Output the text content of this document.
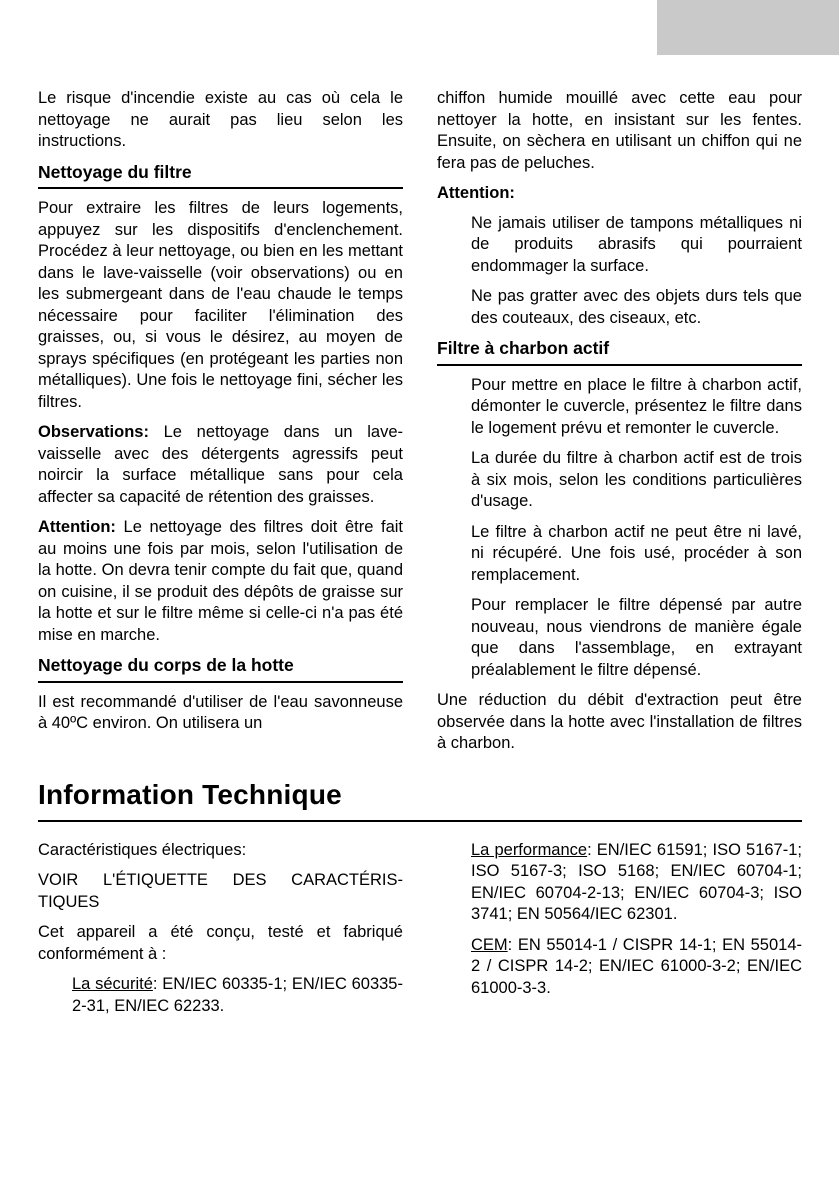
Le risque d'incendie existe au cas où cela le nettoyage ne aurait pas lieu selon les instructions.

Nettoyage du filtre

Pour extraire les filtres de leurs logements, appuyez sur les dispositifs d'enclenchement. Procédez à leur nettoyage, ou bien en les mettant dans le lave-vaisselle (voir observations) ou en les submergeant dans de l'eau chaude le temps nécessaire pour faciliter l'élimination des graisses, ou, si vous le désirez, au moyen de sprays spécifiques (en protégeant les parties non métalliques). Une fois le nettoyage fini, sécher les filtres.

Observations: Le nettoyage dans un lave-vaisselle avec des détergents agressifs peut noircir la surface métallique sans pour cela affecter sa capacité de rétention des graisses.

Attention: Le nettoyage des filtres doit être fait au moins une fois par mois, selon l'utilisation de la hotte. On devra tenir compte du fait que, quand on cuisine, il se produit des dépôts de graisse sur la hotte et sur le filtre même si celle-ci n'a pas été mise en marche.

Nettoyage du corps de la hotte

Il est recommandé d'utiliser de l'eau savonneuse à 40ºC environ. On utilisera un

chiffon humide mouillé avec cette eau pour nettoyer la hotte, en insistant sur les fentes. Ensuite, on sèchera en utilisant un chiffon qui ne fera pas de peluches.

Attention:

Ne jamais utiliser de tampons métalliques ni de produits abrasifs qui pourraient endommager la surface.

Ne pas gratter avec des objets durs tels que des couteaux, des ciseaux, etc.

Filtre à charbon actif

Pour mettre en place le filtre à charbon actif, démonter le cuvercle, présentez le filtre dans le logement prévu et remonter le cuvercle.

La durée du filtre à charbon actif est de trois à six mois, selon les conditions particulières d'usage.

Le filtre à charbon actif ne peut être ni lavé, ni récupéré. Une fois usé, procéder à son remplacement.

Pour remplacer le filtre dépensé par autre nouveau, nous viendrons de manière égale que dans l'assemblage, en extrayant préalablement le filtre dépensé.

Une réduction du débit d'extraction peut être observée dans la hotte avec l'installation de filtres à charbon.

Information Technique

Caractéristiques électriques:

VOIR L'ÉTIQUETTE DES CARACTÉRIS-
TIQUES

Cet appareil a été conçu, testé et fabriqué conformément à :

La sécurité: EN/IEC 60335-1; EN/IEC 60335-2-31, EN/IEC 62233.

La performance: EN/IEC 61591; ISO 5167-1; ISO 5167-3; ISO 5168; EN/IEC 60704-1; EN/IEC 60704-2-13; EN/IEC 60704-3; ISO 3741; EN 50564/IEC 62301.

CEM: EN 55014-1 / CISPR 14-1; EN 55014-2 / CISPR 14-2; EN/IEC 61000-3-2; EN/IEC 61000-3-3.
